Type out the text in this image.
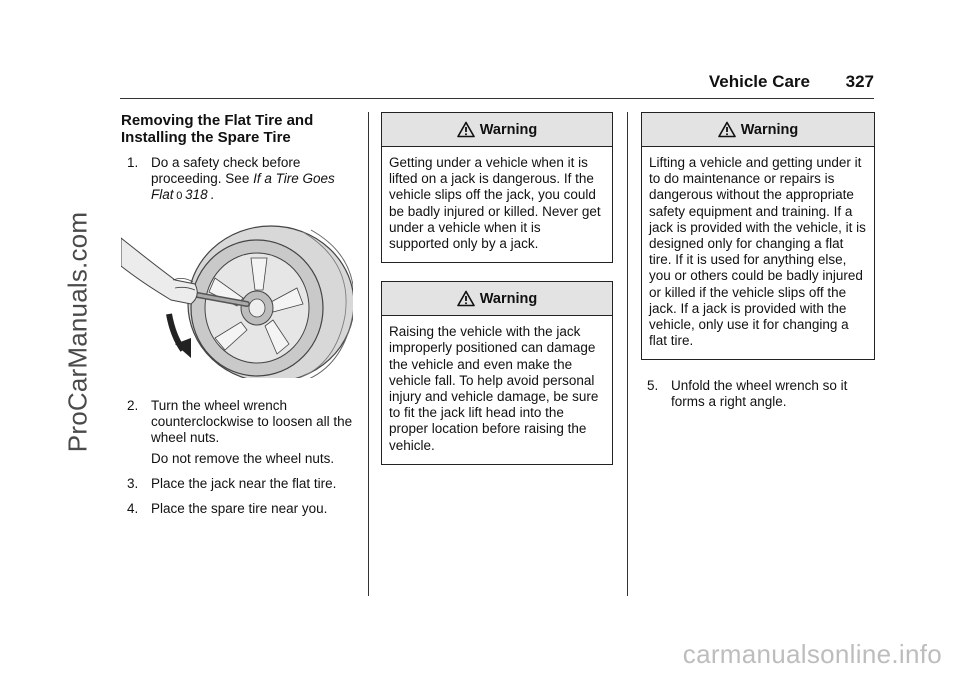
ProCarManuals.com
Vehicle Care 327
Removing the Flat Tire and Installing the Spare Tire
1. Do a safety check before proceeding. See If a Tire Goes Flat  0  318  .
2. Turn the wheel wrench counterclockwise to loosen all the wheel nuts.
Do not remove the wheel nuts.
3. Place the jack near the flat tire.
4. Place the spare tire near you.
Warning
Getting under a vehicle when it is lifted on a jack is dangerous. If the vehicle slips off the jack, you could be badly injured or killed. Never get under a vehicle when it is supported only by a jack.
Warning
Raising the vehicle with the jack improperly positioned can damage the vehicle and even make the vehicle fall. To help avoid personal injury and vehicle damage, be sure to fit the jack lift head into the proper location before raising the vehicle.
Warning
Lifting a vehicle and getting under it to do maintenance or repairs is dangerous without the appropriate safety equipment and training. If a jack is provided with the vehicle, it is designed only for changing a flat tire. If it is used for anything else, you or others could be badly injured or killed if the vehicle slips off the jack. If a jack is provided with the vehicle, only use it for changing a flat tire.
5. Unfold the wheel wrench so it forms a right angle.
carmanualsonline.info
